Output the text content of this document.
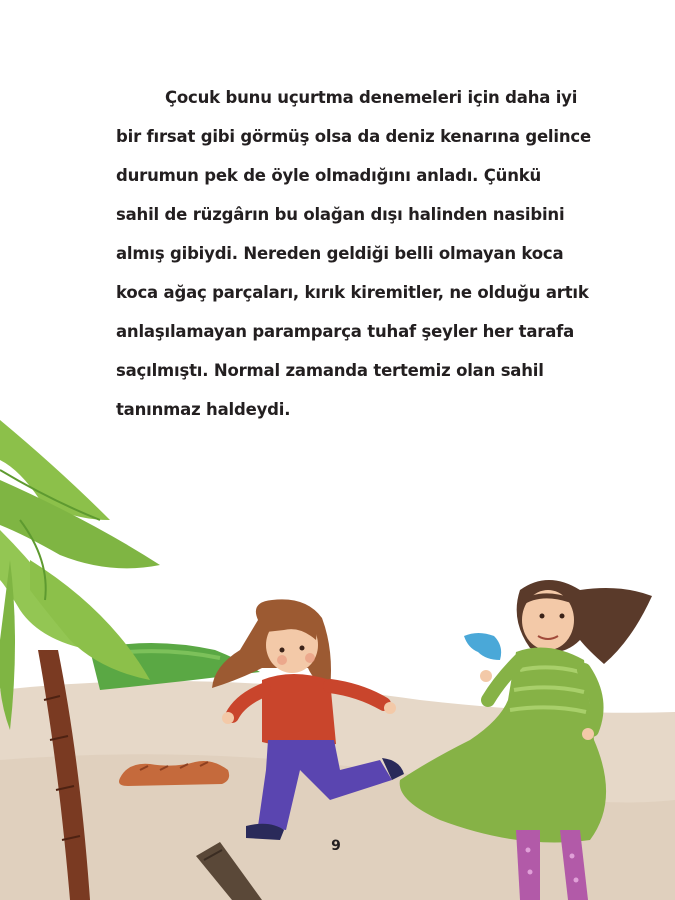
Çocuk bunu uçurtma denemeleri için daha iyi
bir fırsat gibi görmüş olsa da deniz kenarına gelince
durumun pek de öyle olmadığını anladı. Çünkü
sahil de rüzgârın bu olağan dışı halinden nasibini
almış gibiydi. Nereden geldiği belli olmayan koca
koca ağaç parçaları, kırık kiremitler, ne olduğu artık
anlaşılamayan paramparça tuhaf şeyler her tarafa
saçılmıştı. Normal zamanda tertemiz olan sahil
tanınmaz haldeydi.
9
